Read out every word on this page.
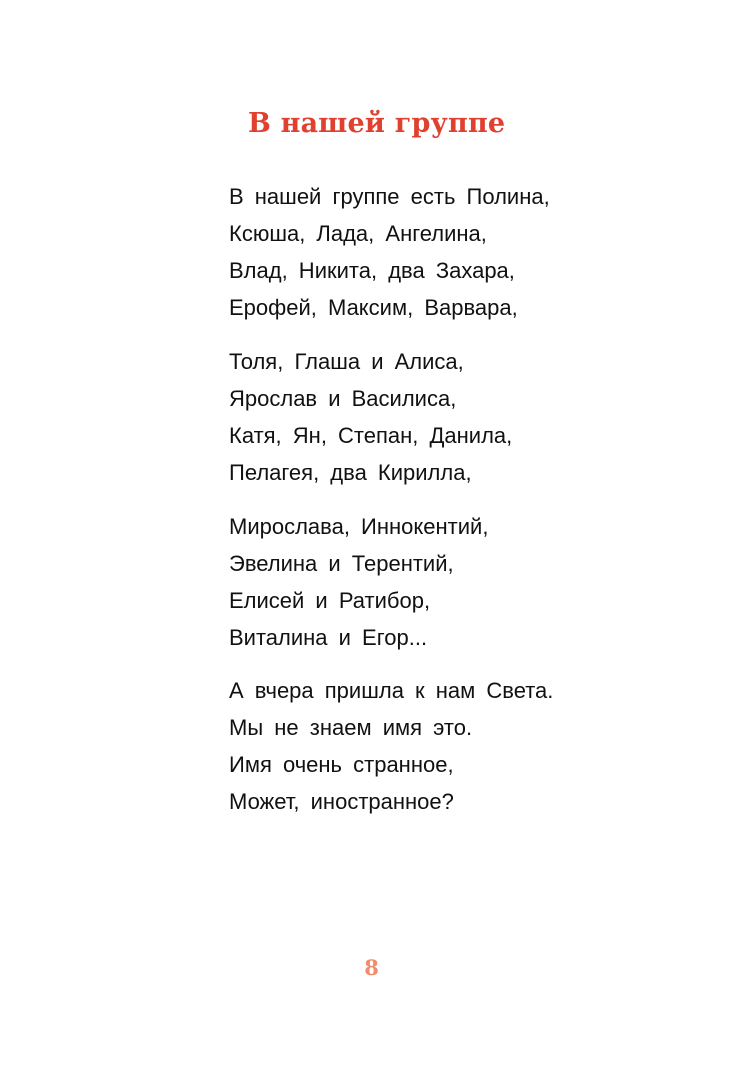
В нашей группе
В нашей группе есть Полина,
Ксюша, Лада, Ангелина,
Влад, Никита, два Захара,
Ерофей, Максим, Варвара,
Толя, Глаша и Алиса,
Ярослав и Василиса,
Катя, Ян, Степан, Данила,
Пелагея, два Кирилла,
Мирослава, Иннокентий,
Эвелина и Терентий,
Елисей и Ратибор,
Виталина и Егор...
А вчера пришла к нам Света.
Мы не знаем имя это.
Имя очень странное,
Может, иностранное?
8
